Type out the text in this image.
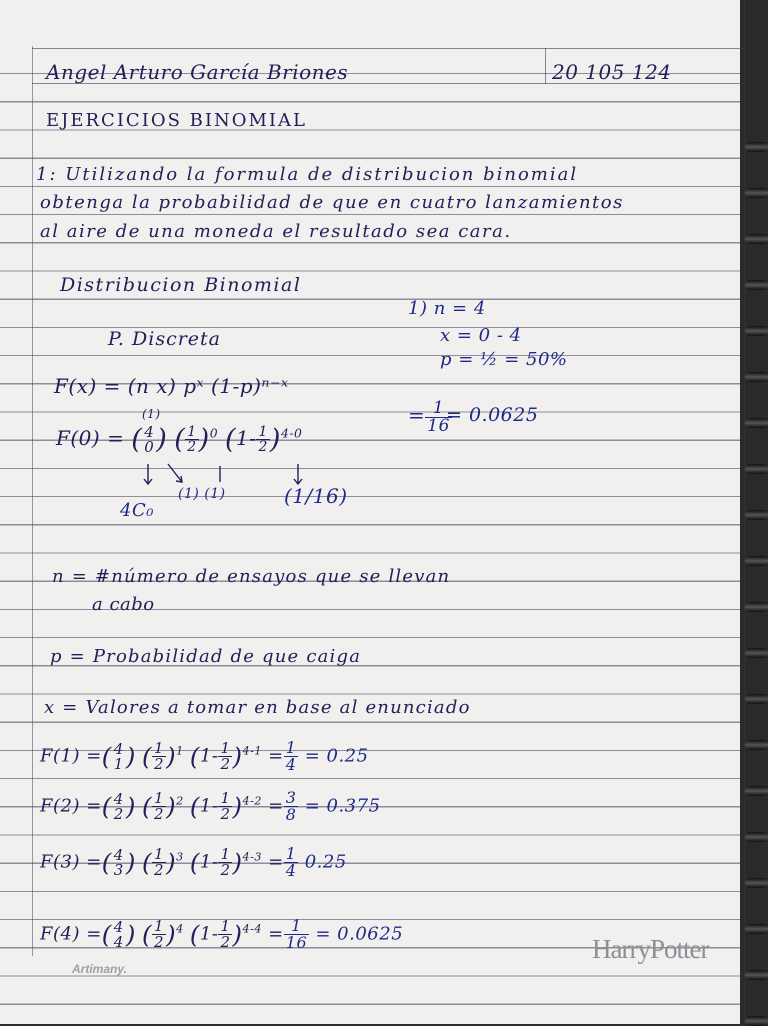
Angel Arturo García Briones	20 105 124
EJERCICIOS BINOMIAL
1: Utilizando la formula de distribucion binomial
obtenga la probabilidad de que en cuatro lanzamientos
al aire de una moneda el resultado sea cara.
Distribucion Binomial
P. Discreta
1) n = 4
x = 0 - 4
p = ½ = 50%
F(x) = (n x) pˣ (1-p)ⁿ⁻ˣ
F(0) = ( 4
0 ) ( $\frac{1}{2} )^0$ $(1- \frac{1}{2} )^{4-0}$
= $\frac{1}{16}$
= 0.0625
(1)
4C₀
(1) (1)	(1/16)
n = #número de ensayos que se llevan
a cabo
p = Probabilidad de que caiga
x = Valores a tomar en base al enunciado
F(1) =( 4
1 ) ( $\frac{1}{2} )^1$ $(1- \frac{1}{2} )^{4-1} = \frac{1}{4} = 0.25$
F(2) =( 4
2 ) ( $\frac{1}{2} )^2$ $(1- \frac{1}{2} )^{4-2} = \frac{3}{8} = 0.375$
F(3) =( 4
3 ) ( $\frac{1}{2} )^3$ $(1- \frac{1}{2} )^{4-3} = \frac{1}{4} 0.25$
F(4) =( 4
4 ) ( $\frac{1}{2} )^4$ $(1- \frac{1}{2} )^{4-4} = \frac{1}{16} = 0.0625$
Artimany.
HarryPotter
